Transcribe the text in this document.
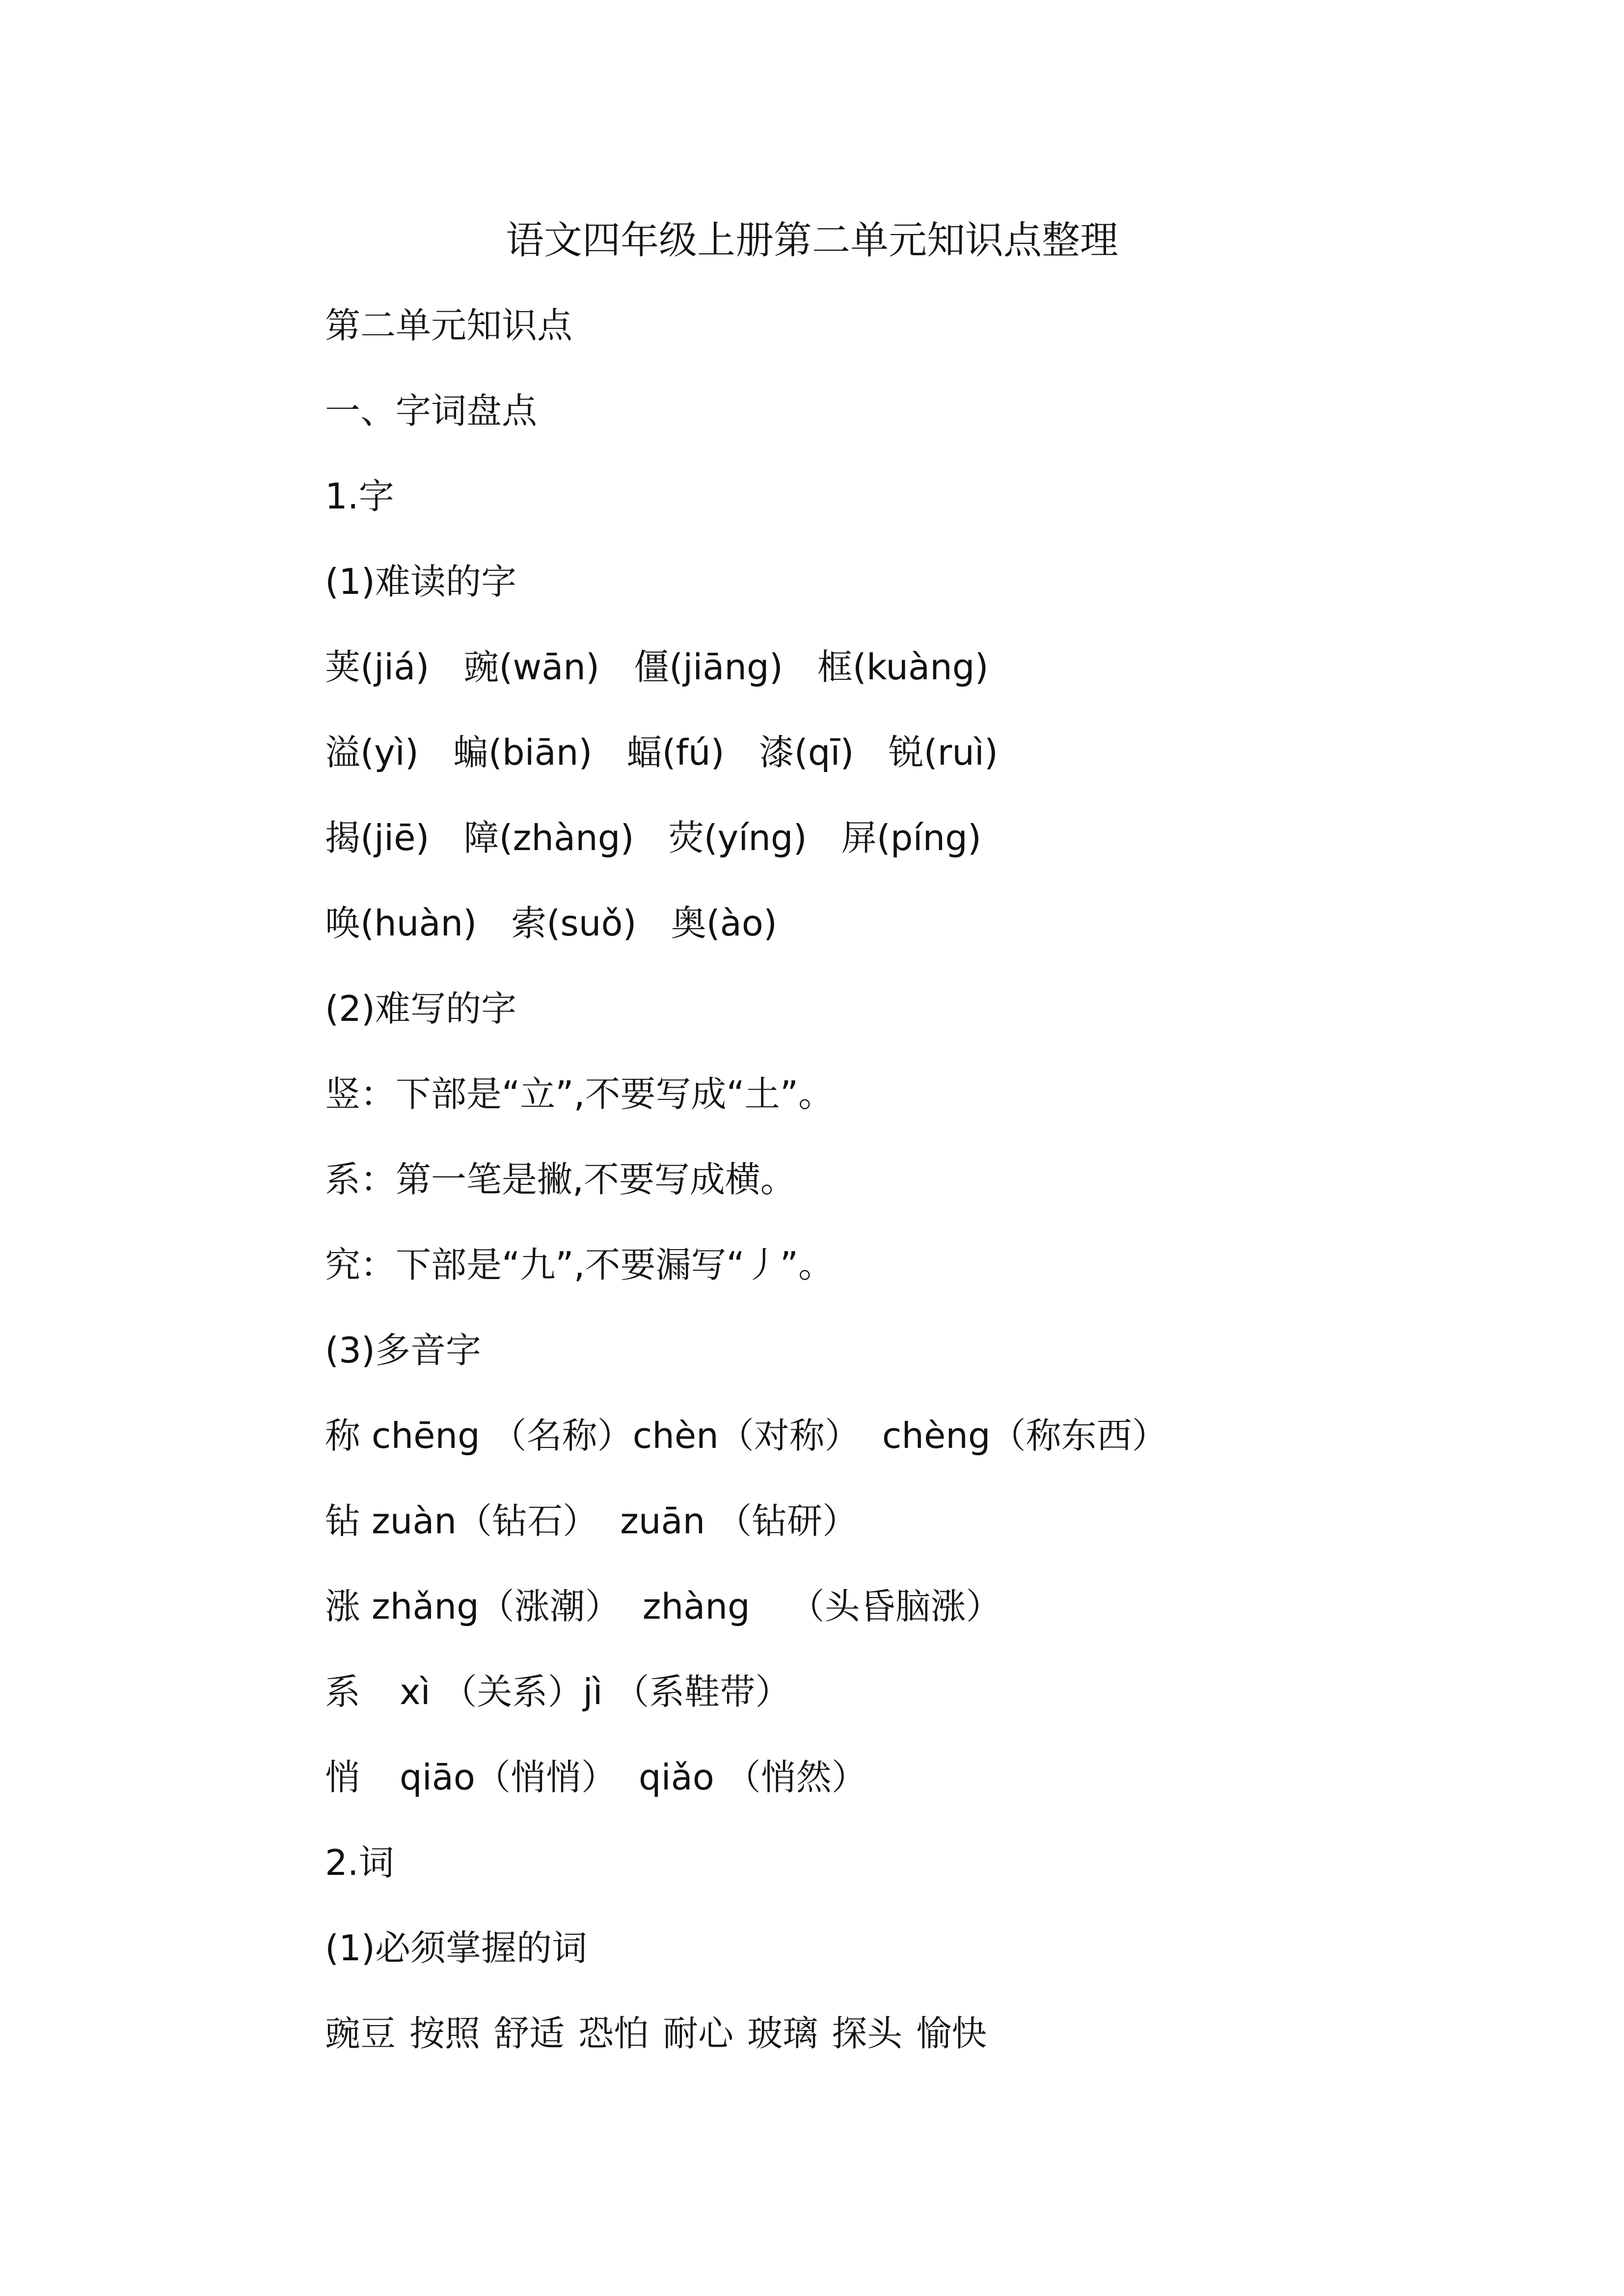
语文四年级上册第二单元知识点整理
第二单元知识点
一、字词盘点
1.字
(1)难读的字
荚(jiá) 豌(wān) 僵(jiāng) 框(kuàng)
溢(yì) 蝙(biān) 蝠(fú) 漆(qī) 锐(ruì)
揭(jiē) 障(zhàng) 荧(yíng) 屏(píng)
唤(huàn) 索(suǒ) 奥(ào)
(2)难写的字
竖：下部是“立”,不要写成“土”。
系：第一笔是撇,不要写成横。
究：下部是“九”,不要漏写“丿”。
(3)多音字
称 chēng （名称）chèn（对称） chèng（称东西）
钻 zuàn（钻石） zuān （钻研）
涨 zhǎng（涨潮） zhàng （头昏脑涨）
系 xì （关系）jì （系鞋带）
悄 qiāo（悄悄） qiǎo （悄然）
2.词
(1)必须掌握的词
豌豆 按照 舒适 恐怕 耐心 玻璃 探头 愉快
